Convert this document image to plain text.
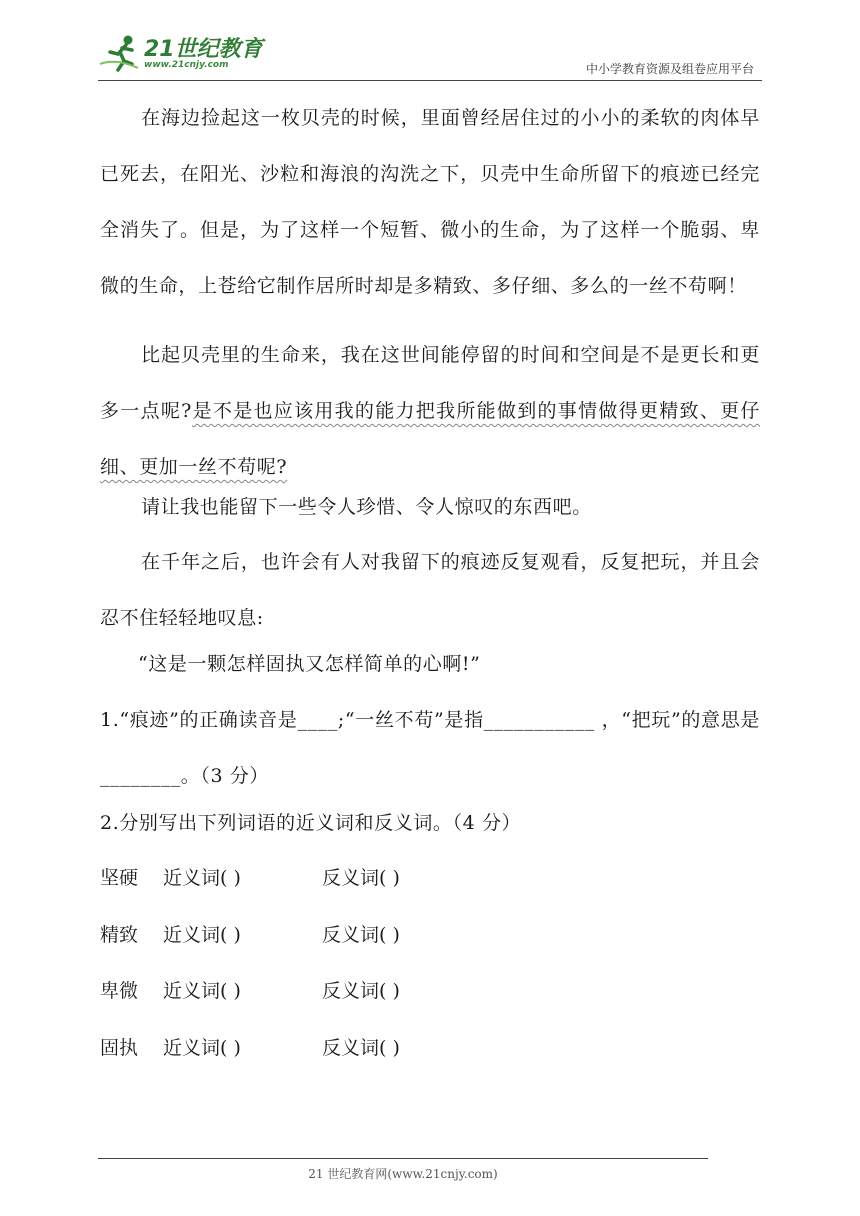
21世纪教育
www.21cnjy.com	中小学教育资源及组卷应用平台
在海边捡起这一枚贝壳的时候，里面曾经居住过的小小的柔软的肉体早已死去，在阳光、沙粒和海浪的沟洗之下，贝壳中生命所留下的痕迹已经完全消失了。但是，为了这样一个短暂、微小的生命，为了这样一个脆弱、卑微的生命，上苍给它制作居所时却是多精致、多仔细、多么的一丝不苟啊！
比起贝壳里的生命来，我在这世间能停留的时间和空间是不是更长和更多一点呢?是不是也应该用我的能力把我所能做到的事情做得更精致、更仔细、更加一丝不苟呢?
请让我也能留下一些令人珍惜、令人惊叹的东西吧。
在千年之后，也许会有人对我留下的痕迹反复观看，反复把玩，并且会忍不住轻轻地叹息:
“这是一颗怎样固执又怎样简单的心啊!”
1.“痕迹”的正确读音是____;“一丝不苟”是指___________ ，“把玩”的意思是________。（3 分）
2.分别写出下列词语的近义词和反义词。（4 分）
坚硬 近义词( )	反义词( )
精致 近义词( )	反义词( )
卑微 近义词( )	反义词( )
固执 近义词( )	反义词( )
21 世纪教育网(www.21cnjy.com)
